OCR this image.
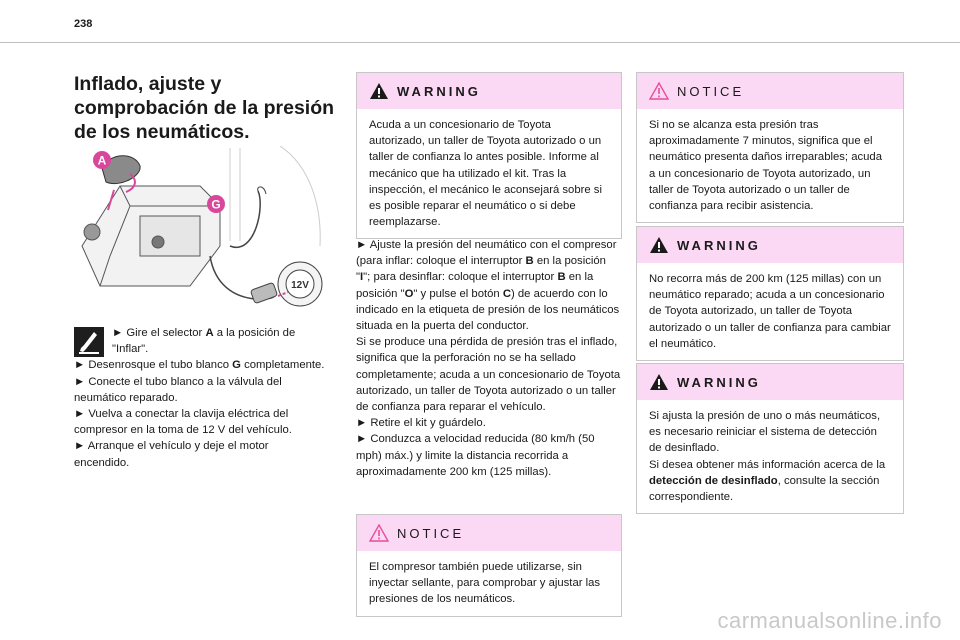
238
Inflado, ajuste y
comprobación de la presión
de los neumáticos.
A
G
12V
► Gire el selector A a la posición de "Inflar".
► Desenrosque el tubo blanco G completamente.
► Conecte el tubo blanco a la válvula del neumático reparado.
► Vuelva a conectar la clavija eléctrica del compresor en la toma de 12 V del vehículo.
► Arranque el vehículo y deje el motor encendido.
WARNING
Acuda a un concesionario de Toyota autorizado, un taller de Toyota autorizado o un taller de confianza lo antes posible. Informe al mecánico que ha utilizado el kit. Tras la inspección, el mecánico le aconsejará sobre si es posible reparar el neumático o si debe reemplazarse.
► Ajuste la presión del neumático con el compresor (para inflar: coloque el interruptor B en la posición "I"; para desinflar: coloque el interruptor B en la posición "O" y pulse el botón C) de acuerdo con lo indicado en la etiqueta de presión de los neumáticos situada en la puerta del conductor.
Si se produce una pérdida de presión tras el inflado, significa que la perforación no se ha sellado completamente; acuda a un concesionario de Toyota autorizado, un taller de Toyota autorizado o un taller de confianza para reparar el vehículo.
► Retire el kit y guárdelo.
► Conduzca a velocidad reducida (80 km/h (50 mph) máx.) y limite la distancia recorrida a aproximadamente 200 km (125 millas).
NOTICE
El compresor también puede utilizarse, sin inyectar sellante, para comprobar y ajustar las presiones de los neumáticos.
NOTICE
Si no se alcanza esta presión tras aproximadamente 7 minutos, significa que el neumático presenta daños irreparables; acuda a un concesionario de Toyota autorizado, un taller de Toyota autorizado o un taller de confianza para recibir asistencia.
WARNING
No recorra más de 200 km (125 millas) con un neumático reparado; acuda a un concesionario de Toyota autorizado, un taller de Toyota autorizado o un taller de confianza para cambiar el neumático.
WARNING
Si ajusta la presión de uno o más neumáticos, es necesario reiniciar el sistema de detección de desinflado.
Si desea obtener más información acerca de la detección de desinflado, consulte la sección correspondiente.
carmanualsonline.info
